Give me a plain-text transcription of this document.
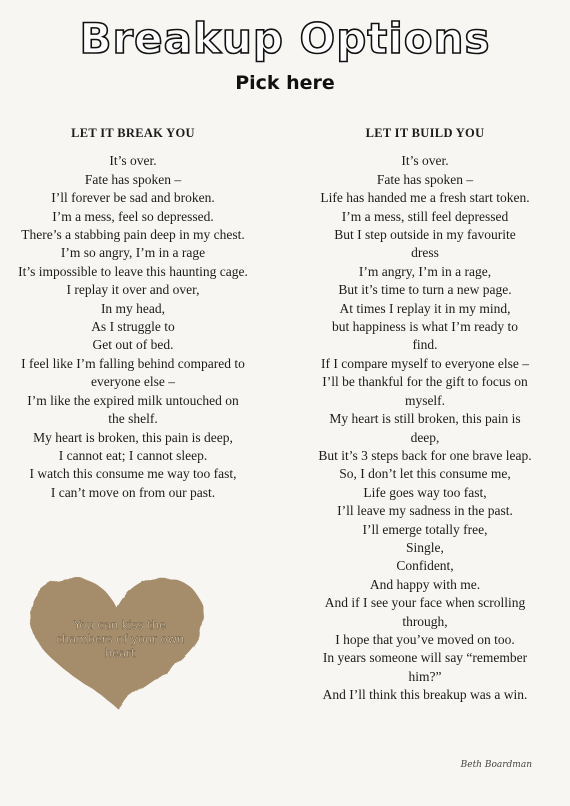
Breakup Options
Pick here
LET IT BREAK YOU
It’s over.
Fate has spoken –
I’ll forever be sad and broken.
I’m a mess, feel so depressed.
There’s a stabbing pain deep in my chest.
I’m so angry, I’m in a rage
It’s impossible to leave this haunting cage.
I replay it over and over,
In my head,
As I struggle to
Get out of bed.
I feel like I’m falling behind compared to
everyone else –
I’m like the expired milk untouched on
the shelf.
My heart is broken, this pain is deep,
I cannot eat; I cannot sleep.
I watch this consume me way too fast,
I can’t move on from our past.
LET IT BUILD YOU
It’s over.
Fate has spoken –
Life has handed me a fresh start token.
I’m a mess, still feel depressed
But I step outside in my favourite
dress
I’m angry, I’m in a rage,
But it’s time to turn a new page.
At times I replay it in my mind,
but happiness is what I’m ready to
find.
If I compare myself to everyone else –
I’ll be thankful for the gift to focus on
myself.
My heart is still broken, this pain is
deep,
But it’s 3 steps back for one brave leap.
So, I don’t let this consume me,
Life goes way too fast,
I’ll leave my sadness in the past.
I’ll emerge totally free,
Single,
Confident,
And happy with me.
And if I see your face when scrolling
through,
I hope that you’ve moved on too.
In years someone will say “remember
him?”
And I’ll think this breakup was a win.
You can kiss the chambers of your own heart
Beth Boardman
